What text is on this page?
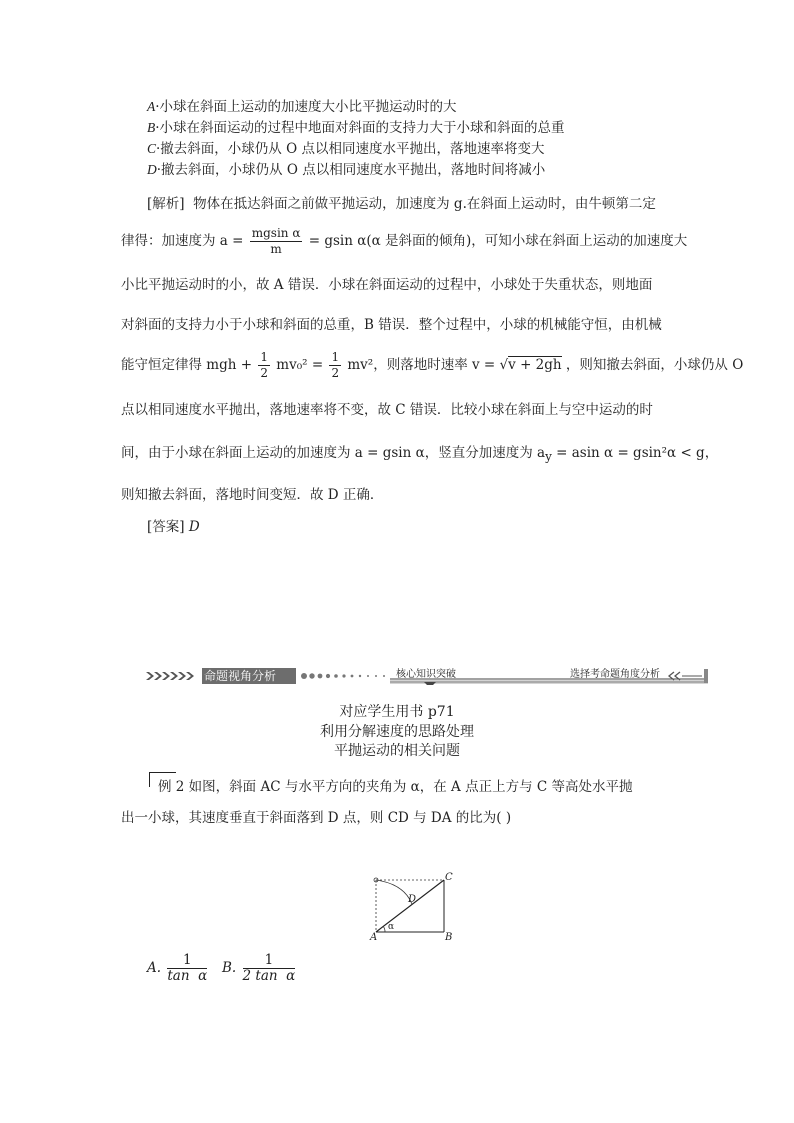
A·小球在斜面上运动的加速度大小比平抛运动时的大
B·小球在斜面运动的过程中地面对斜面的支持力大于小球和斜面的总重
C·撤去斜面，小球仍从 O 点以相同速度水平抛出，落地速率将变大
D·撤去斜面，小球仍从 O 点以相同速度水平抛出，落地时间将减小
[解析] 物体在抵达斜面之前做平抛运动，加速度为 g.在斜面上运动时，由牛顿第二定
律得：加速度为 $a = \frac{\text{mgsin α}}{m} = gsin$ α(α 是斜面的倾角)，可知小球在斜面上运动的加速度大
小比平抛运动时的小，故 A 错误．小球在斜面运动的过程中，小球处于失重状态，则地面
对斜面的支持力小于小球和斜面的总重，B 错误．整个过程中，小球的机械能守恒，由机械
能守恒定律得 mgh + $\frac{1}{2} mv_0^2 = \frac{1}{2} mv^2$，则落地时速率 v = √v + 2gh ，则知撤去斜面，小球仍从 O
点以相同速度水平抛出，落地速率将不变，故 C 错误．比较小球在斜面上与空中运动的时
间，由于小球在斜面上运动的加速度为 a = gsin α，竖直分加速度为 $a_y = asin$ α = gsin²α < g，
则知撤去斜面，落地时间变短．故 D 正确．
[答案] D
命题视角分析	核心知识突破	选择考命题角度分析
对应学生用书 p71
利用分解速度的思路处理
平抛运动的相关问题
例 2 如图，斜面 AC 与水平方向的夹角为 α，在 A 点正上方与 C 等高处水平抛
出一小球，其速度垂直于斜面落到 D 点，则 CD 与 DA 的比为( )
C
D
A	B
α
A. $\frac{1}{\text{tan  α}} B$. $\frac{1}{\text{2 tan  α}}$
